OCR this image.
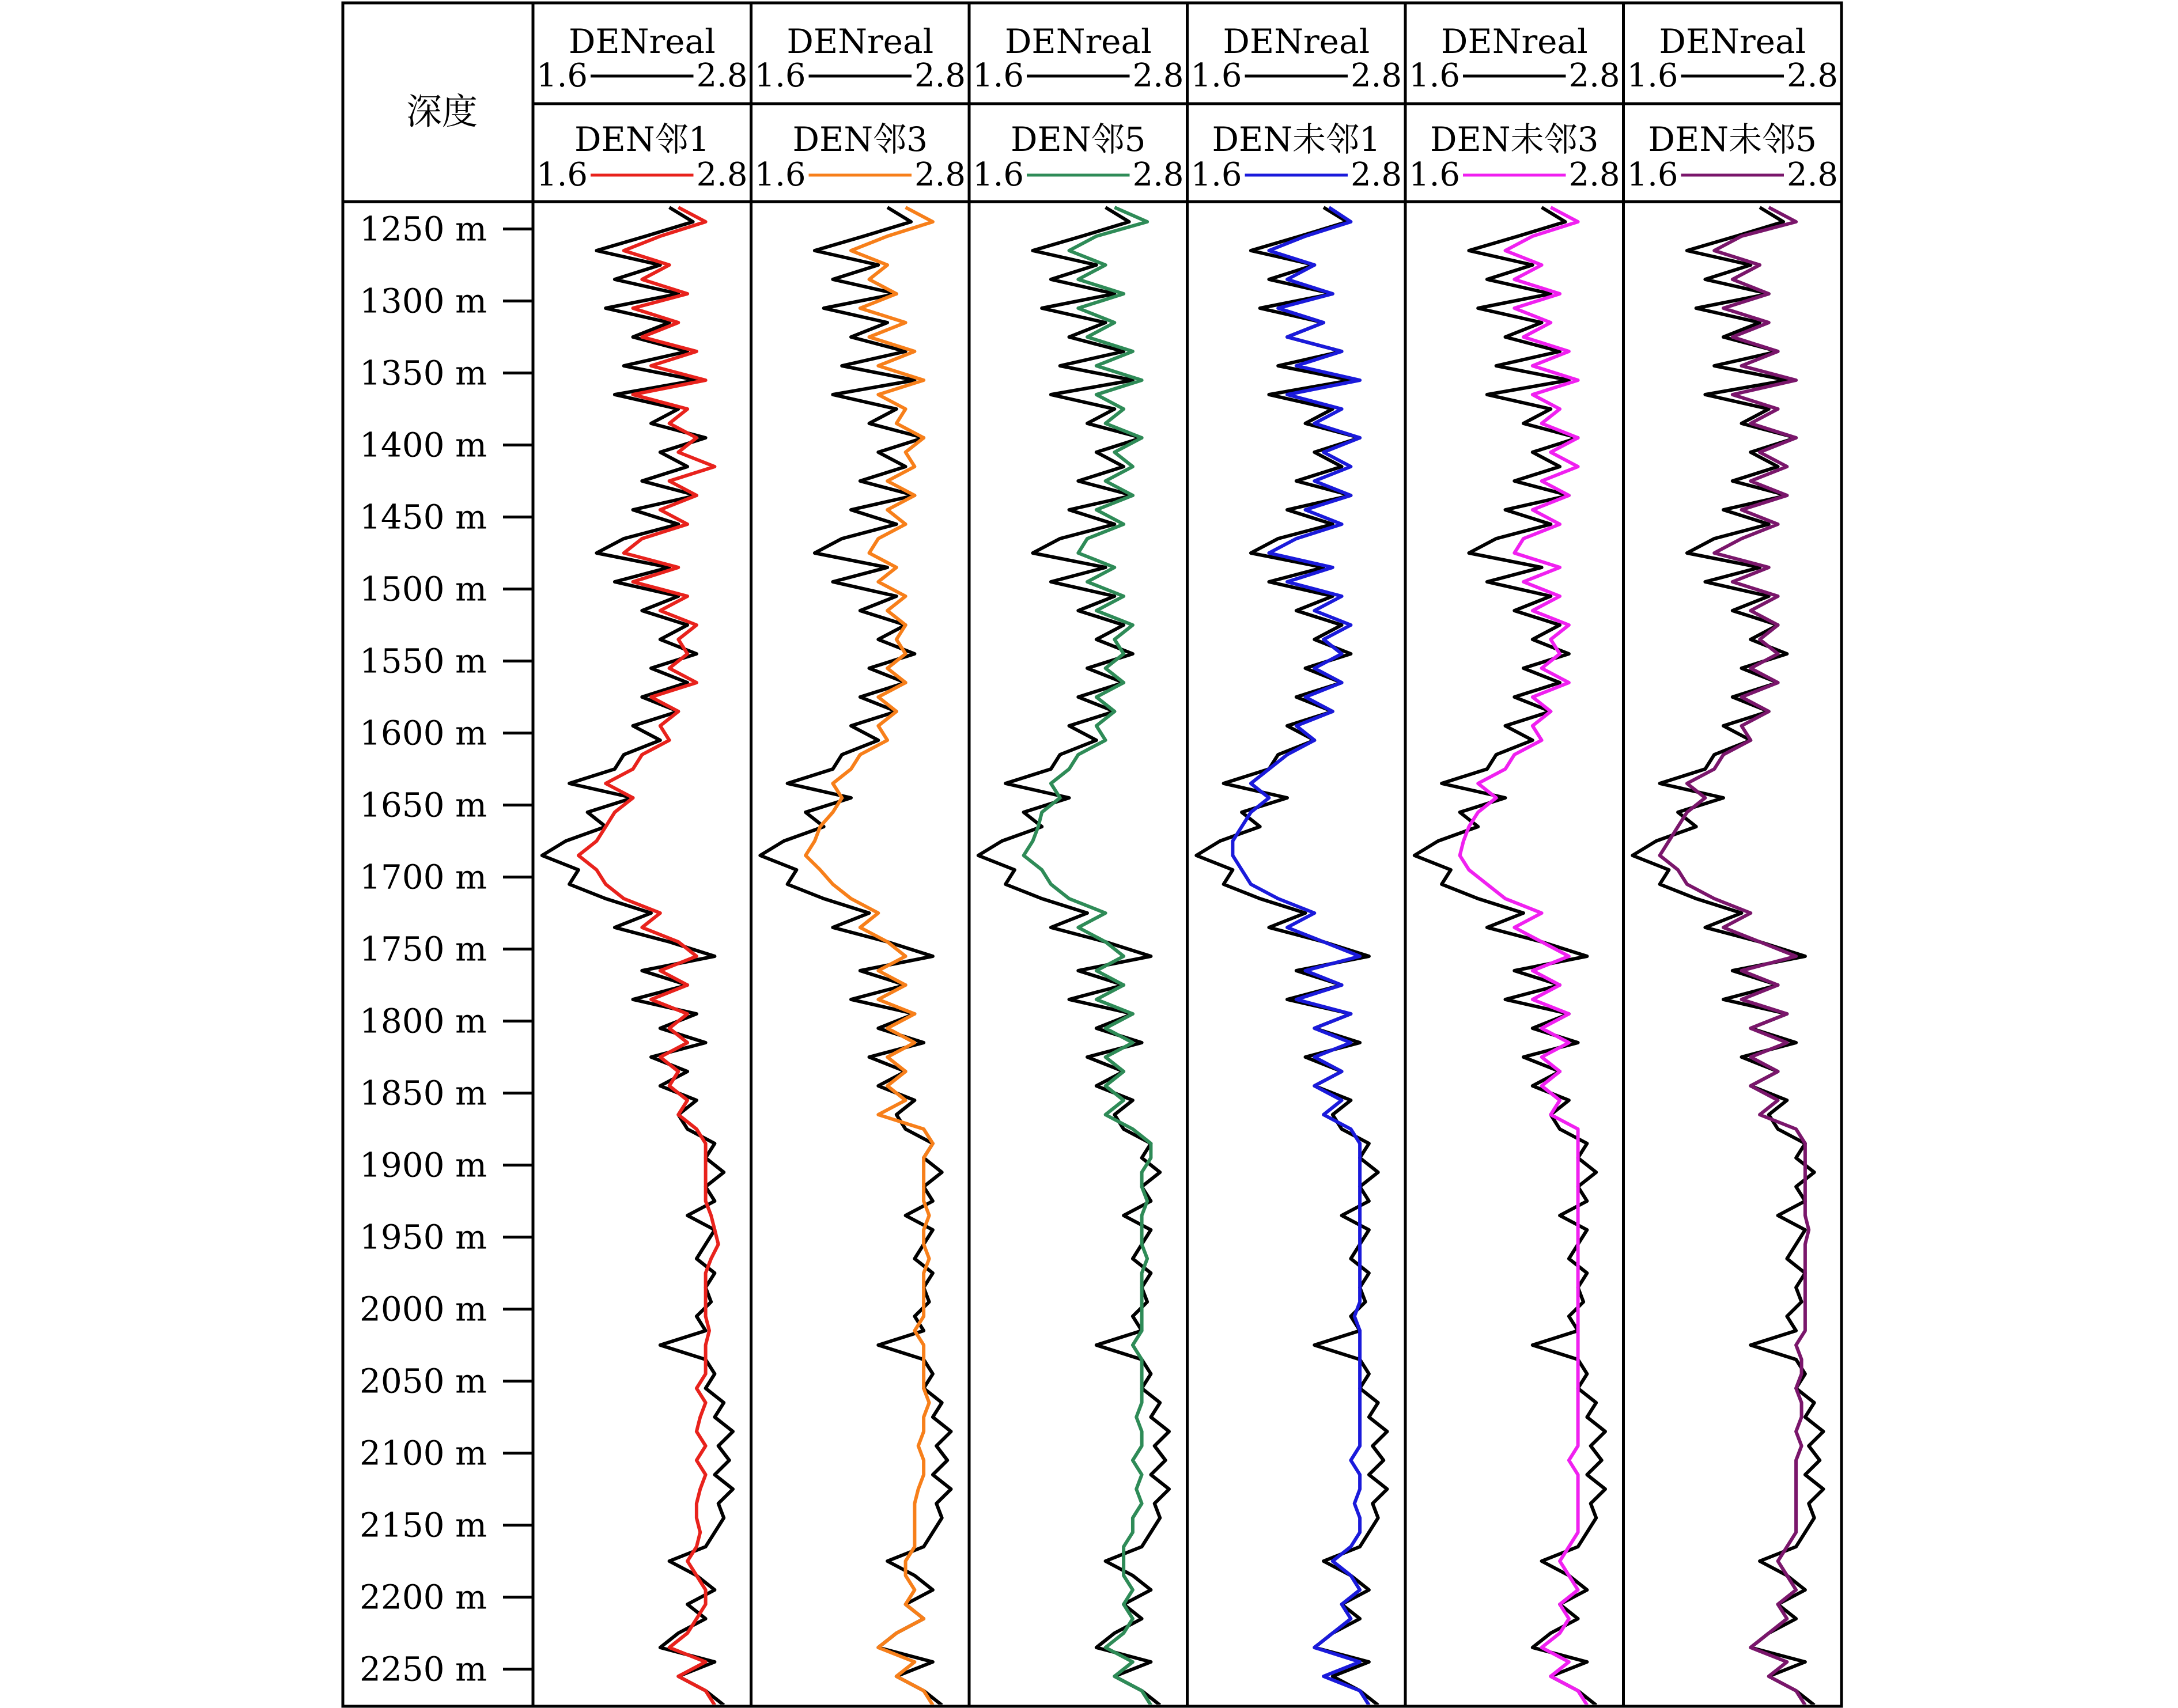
深度
DENreal
1.6	2.8
DEN邻1
1.6	2.8
DENreal
1.6	2.8
DEN邻3
1.6	2.8
DENreal
1.6	2.8
DEN邻5
1.6	2.8
DENreal
1.6	2.8
DEN未邻1
1.6	2.8
DENreal
1.6	2.8
DEN未邻3
1.6	2.8
DENreal
1.6	2.8
DEN未邻5
1.6	2.8
1250 m
1300 m
1350 m
1400 m
1450 m
1500 m
1550 m
1600 m
1650 m
1700 m
1750 m
1800 m
1850 m
1900 m
1950 m
2000 m
2050 m
2100 m
2150 m
2200 m
2250 m
